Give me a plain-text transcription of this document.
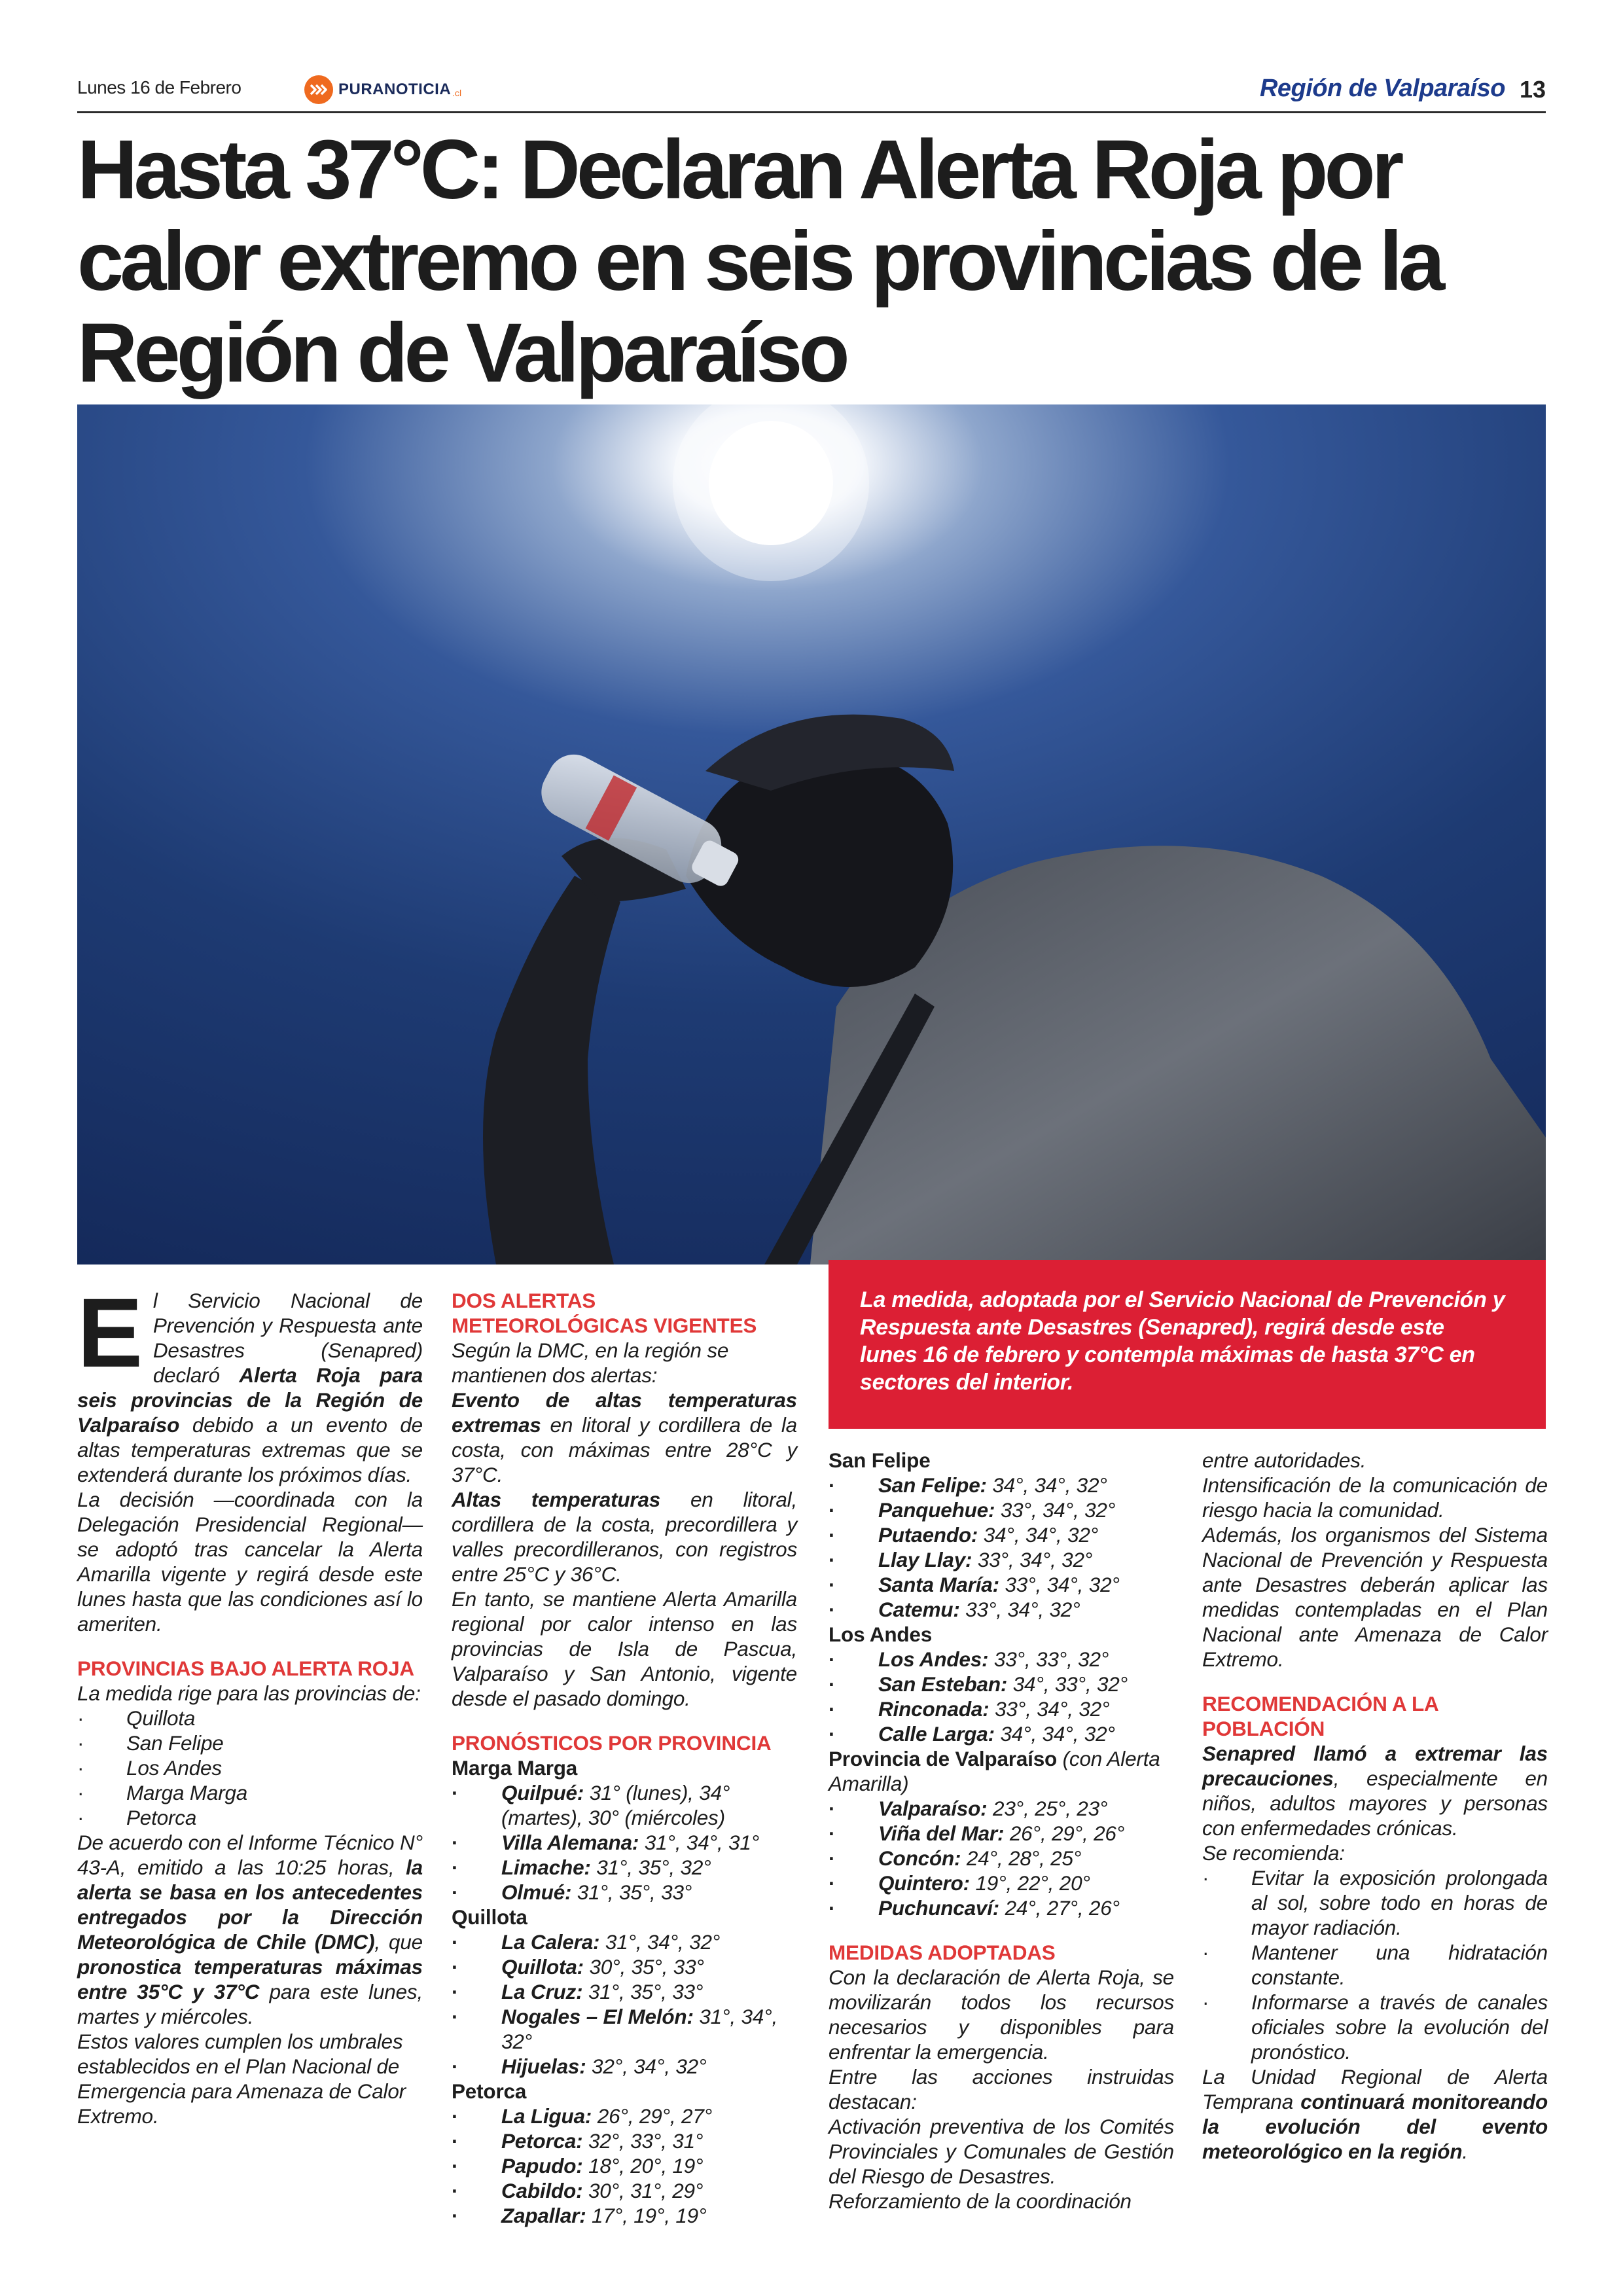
Lunes 16 de Febrero	PURANOTICIA .cl	Región de Valparaíso 13
Hasta 37°C: Declaran Alerta Roja por calor extremo en seis provincias de la Región de Valparaíso

La medida, adoptada por el Servicio Nacional de Prevención y Respuesta ante Desastres (Senapred), regirá desde este lunes 16 de febrero y contempla máximas de hasta 37°C en sectores del interior.

El Servicio Nacional de Prevención y Respuesta ante Desastres (Senapred) declaró Alerta Roja para seis provincias de la Región de Valparaíso debido a un evento de altas temperaturas extremas que se extenderá durante los próximos días.

La decisión —coordinada con la Delegación Presidencial Regional— se adoptó tras cancelar la Alerta Amarilla vigente y regirá desde este lunes hasta que las condiciones así lo ameriten.

PROVINCIAS BAJO ALERTA ROJA

La medida rige para las provincias de:

· Quillota
· San Felipe
· Los Andes
· Marga Marga
· Petorca

De acuerdo con el Informe Técnico N° 43-A, emitido a las 10:25 horas, la alerta se basa en los antecedentes entregados por la Dirección Meteorológica de Chile (DMC), que pronostica temperaturas máximas entre 35°C y 37°C para este lunes, martes y miércoles.

Estos valores cumplen los umbrales establecidos en el Plan Nacional de Emergencia para Amenaza de Calor Extremo.

DOS ALERTAS METEOROLÓGICAS VIGENTES

Según la DMC, en la región se mantienen dos alertas:

Evento de altas temperaturas extremas en litoral y cordillera de la costa, con máximas entre 28°C y 37°C.

Altas temperaturas en litoral, cordillera de la costa, precordillera y valles precordilleranos, con registros entre 25°C y 36°C.

En tanto, se mantiene Alerta Amarilla regional por calor intenso en las provincias de Isla de Pascua, Valparaíso y San Antonio, vigente desde el pasado domingo.

PRONÓSTICOS POR PROVINCIA
Marga Marga
· Quilpué: 31° (lunes), 34° (martes), 30° (miércoles)
· Villa Alemana: 31°, 34°, 31°
· Limache: 31°, 35°, 32°
· Olmué: 31°, 35°, 33°
Quillota
· La Calera: 31°, 34°, 32°
· Quillota: 30°, 35°, 33°
· La Cruz: 31°, 35°, 33°
· Nogales – El Melón: 31°, 34°, 32°
· Hijuelas: 32°, 34°, 32°
Petorca
· La Ligua: 26°, 29°, 27°
· Petorca: 32°, 33°, 31°
· Papudo: 18°, 20°, 19°
· Cabildo: 30°, 31°, 29°
· Zapallar: 17°, 19°, 19°
San Felipe
· San Felipe: 34°, 34°, 32°
· Panquehue: 33°, 34°, 32°
· Putaendo: 34°, 34°, 32°
· Llay Llay: 33°, 34°, 32°
· Santa María: 33°, 34°, 32°
· Catemu: 33°, 34°, 32°
Los Andes
· Los Andes: 33°, 33°, 32°
· San Esteban: 34°, 33°, 32°
· Rinconada: 33°, 34°, 32°
· Calle Larga: 34°, 34°, 32°
Provincia de Valparaíso (con Alerta Amarilla)
· Valparaíso: 23°, 25°, 23°
· Viña del Mar: 26°, 29°, 26°
· Concón: 24°, 28°, 25°
· Quintero: 19°, 22°, 20°
· Puchuncaví: 24°, 27°, 26°
MEDIDAS ADOPTADAS

Con la declaración de Alerta Roja, se movilizarán todos los recursos necesarios y disponibles para enfrentar la emergencia.

Entre las acciones instruidas destacan:

Activación preventiva de los Comités Provinciales y Comunales de Gestión del Riesgo de Desastres.

Reforzamiento de la coordinación

entre autoridades.

Intensificación de la comunicación de riesgo hacia la comunidad.

Además, los organismos del Sistema Nacional de Prevención y Respuesta ante Desastres deberán aplicar las medidas contempladas en el Plan Nacional ante Amenaza de Calor Extremo.

RECOMENDACIÓN A LA POBLACIÓN

Senapred llamó a extremar las precauciones, especialmente en niños, adultos mayores y personas con enfermedades crónicas.

Se recomienda:

· Evitar la exposición prolongada al sol, sobre todo en horas de mayor radiación.
· Mantener una hidratación constante.
· Informarse a través de canales oficiales sobre la evolución del pronóstico.

La Unidad Regional de Alerta Temprana continuará monitoreando la evolución del evento meteorológico en la región.
